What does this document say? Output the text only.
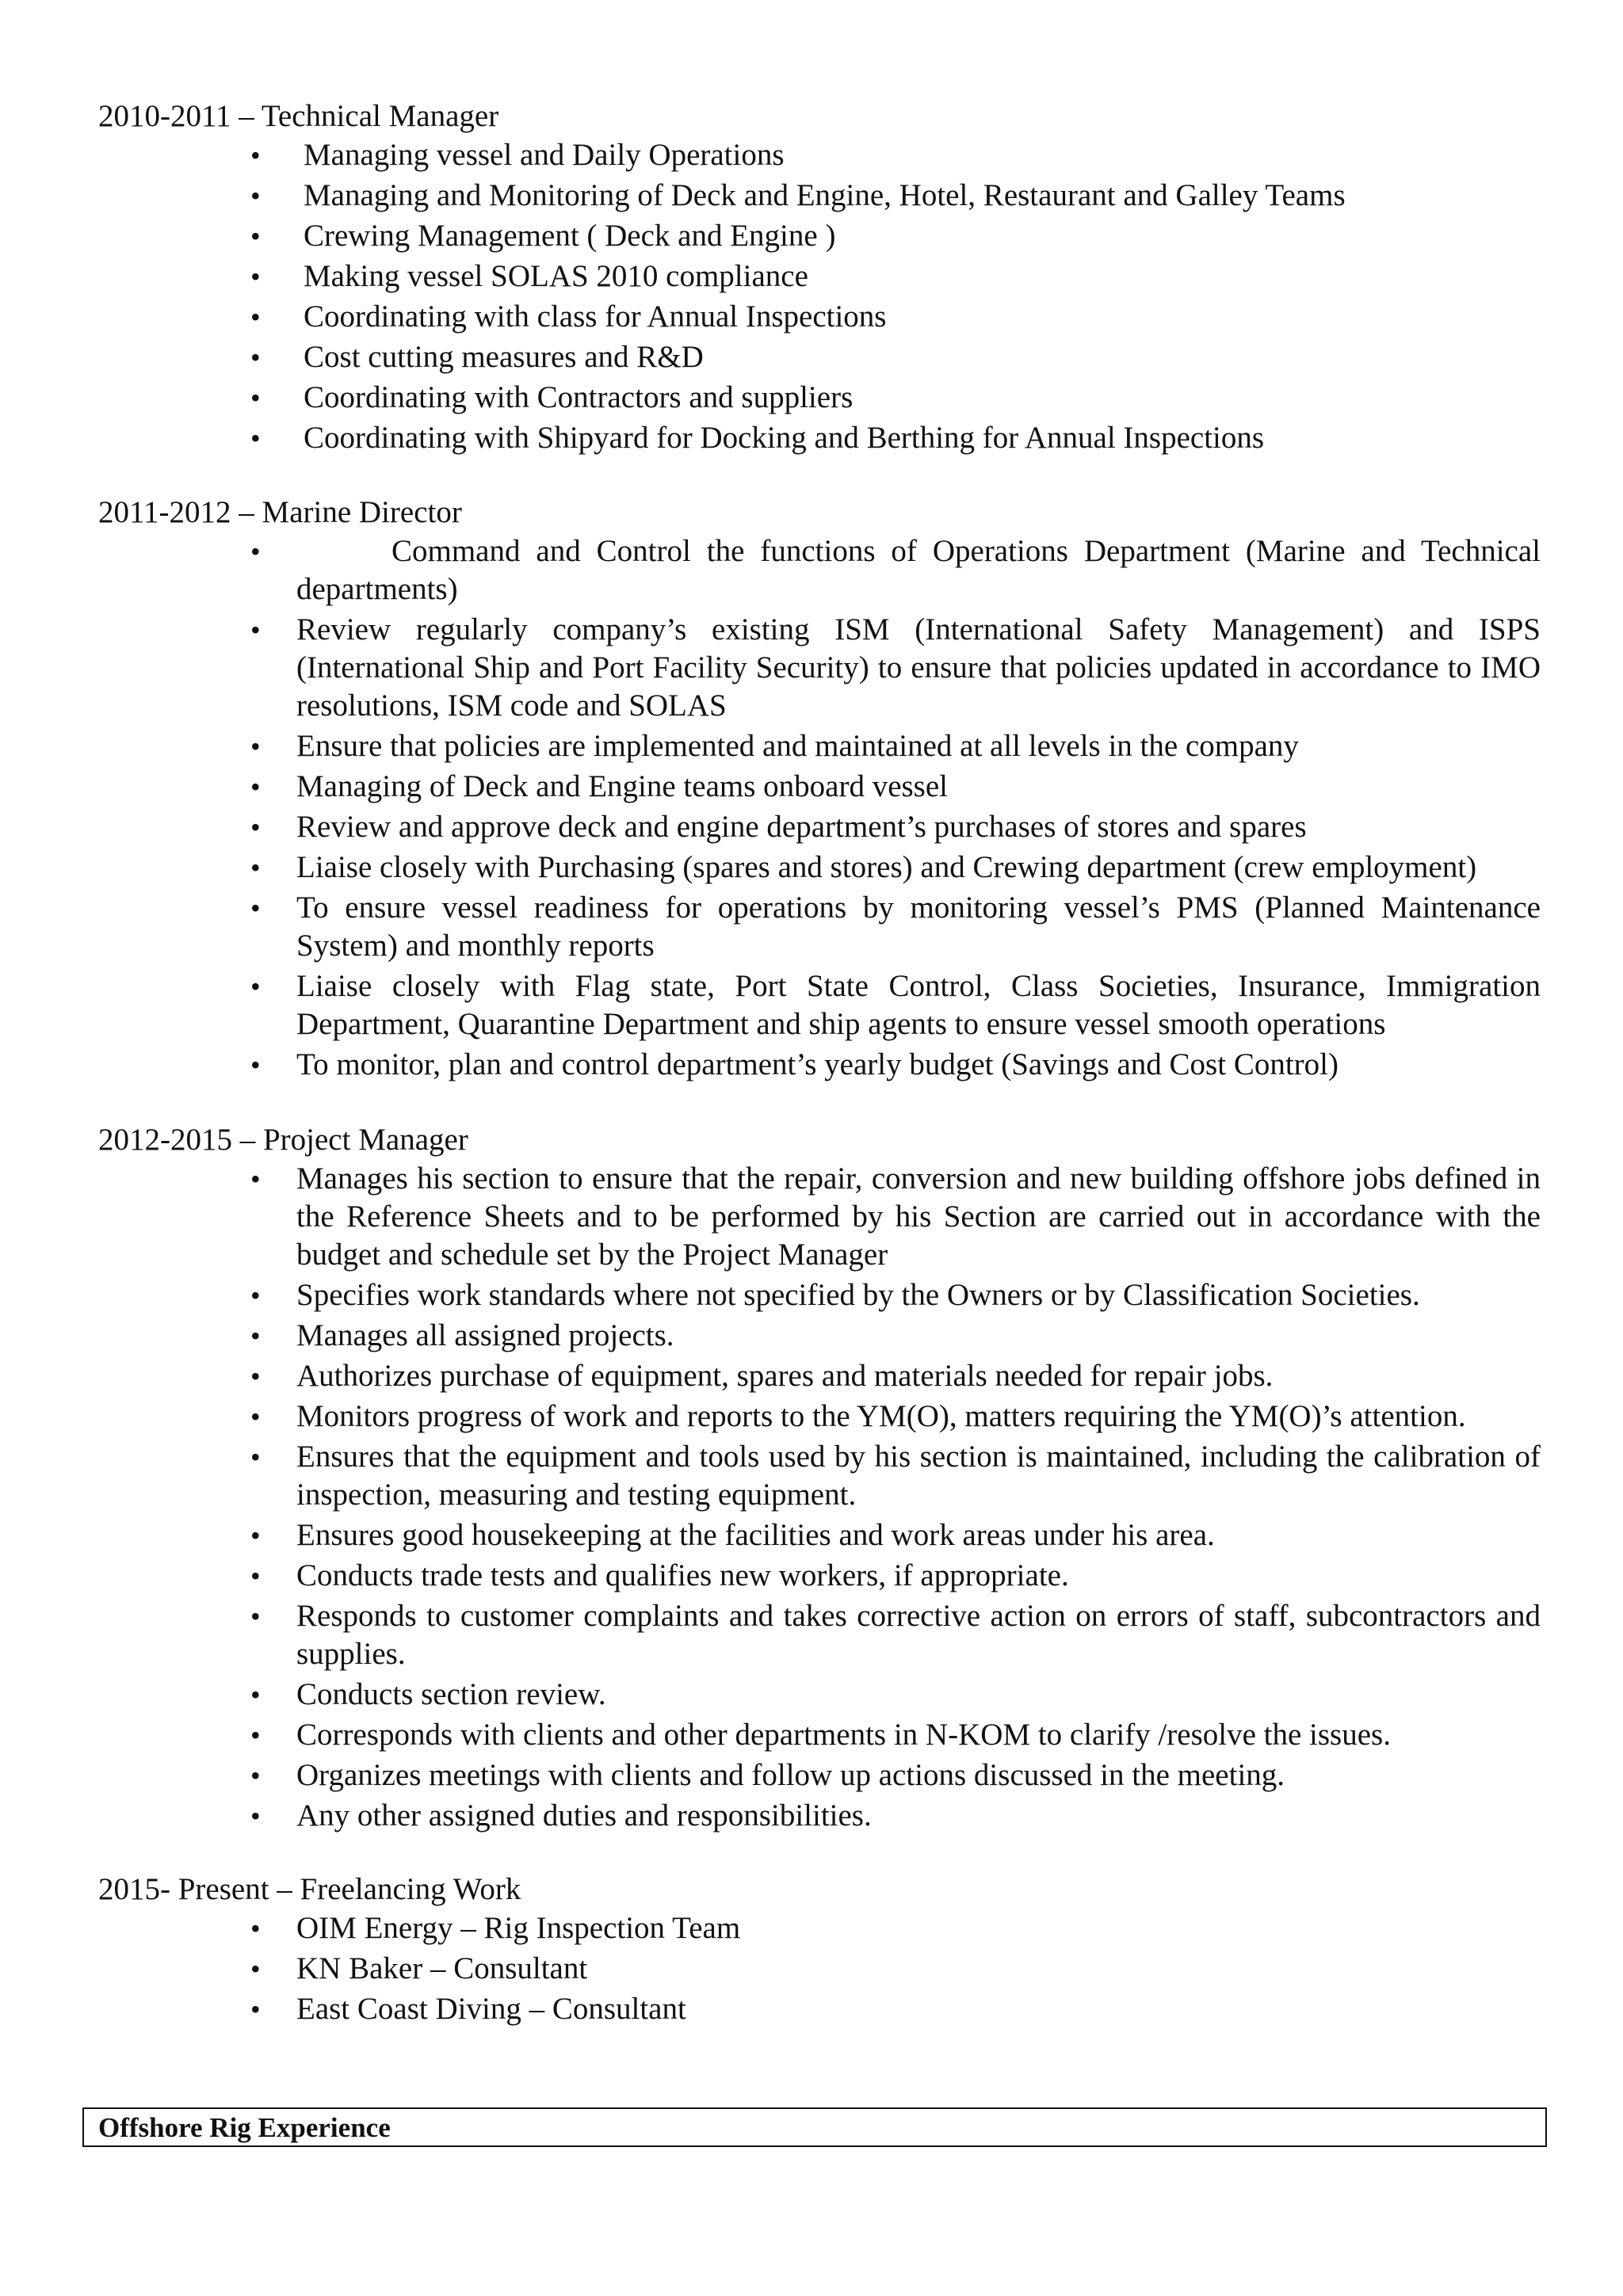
2010-2011 – Technical Manager

• Managing vessel and Daily Operations
• Managing and Monitoring of Deck and Engine, Hotel, Restaurant and Galley Teams
• Crewing Management ( Deck and Engine )
• Making vessel SOLAS 2010 compliance
• Coordinating with class for Annual Inspections
• Cost cutting measures and R&D
• Coordinating with Contractors and suppliers
• Coordinating with Shipyard for Docking and Berthing for Annual Inspections

2011-2012 – Marine Director

•	Command and Control the functions of Operations Department (Marine and Technical departments)
• Review regularly company’s existing ISM (International Safety Management) and ISPS (International Ship and Port Facility Security) to ensure that policies updated in accordance to IMO resolutions, ISM code and SOLAS
• Ensure that policies are implemented and maintained at all levels in the company
• Managing of Deck and Engine teams onboard vessel
• Review and approve deck and engine department’s purchases of stores and spares
• Liaise closely with Purchasing (spares and stores) and Crewing department (crew employment)
• To ensure vessel readiness for operations by monitoring vessel’s PMS (Planned Maintenance System) and monthly reports
• Liaise closely with Flag state, Port State Control, Class Societies, Insurance, Immigration Department, Quarantine Department and ship agents to ensure vessel smooth operations
• To monitor, plan and control department’s yearly budget (Savings and Cost Control)

2012-2015 – Project Manager

• Manages his section to ensure that the repair, conversion and new building offshore jobs defined in the Reference Sheets and to be performed by his Section are carried out in accordance with the budget and schedule set by the Project Manager
• Specifies work standards where not specified by the Owners or by Classification Societies.
• Manages all assigned projects.
• Authorizes purchase of equipment, spares and materials needed for repair jobs.
• Monitors progress of work and reports to the YM(O), matters requiring the YM(O)’s attention.
• Ensures that the equipment and tools used by his section is maintained, including the calibration of inspection, measuring and testing equipment.
• Ensures good housekeeping at the facilities and work areas under his area.
• Conducts trade tests and qualifies new workers, if appropriate.
• Responds to customer complaints and takes corrective action on errors of staff, subcontractors and supplies.
• Conducts section review.
• Corresponds with clients and other departments in N-KOM to clarify /resolve the issues.
• Organizes meetings with clients and follow up actions discussed in the meeting.
• Any other assigned duties and responsibilities.

2015- Present – Freelancing Work

• OIM Energy – Rig Inspection Team
• KN Baker – Consultant
• East Coast Diving – Consultant
Offshore Rig Experience
